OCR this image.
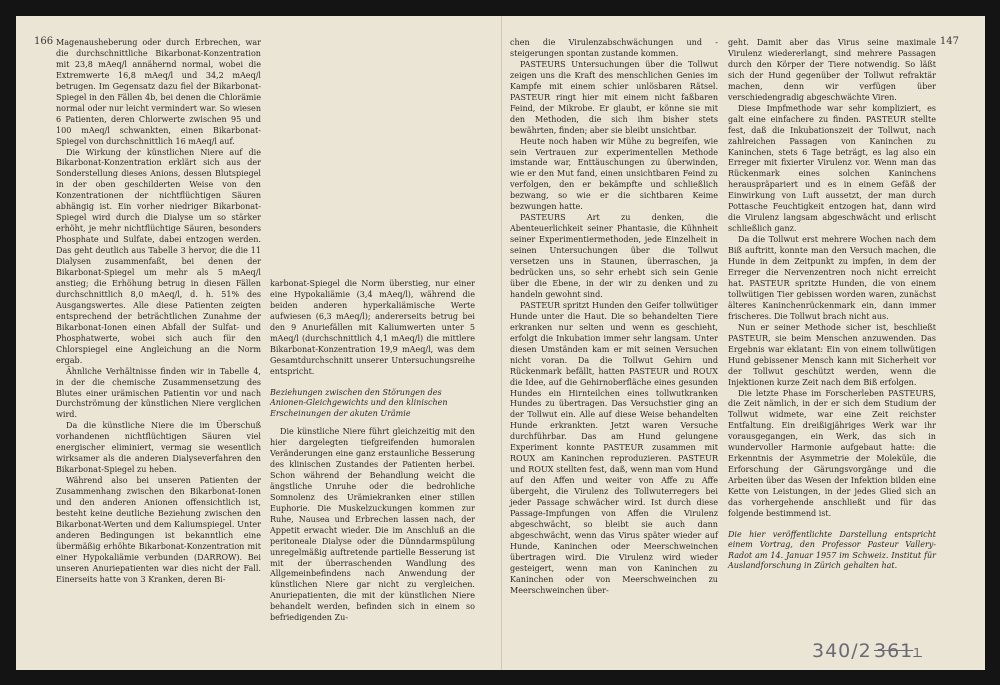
166 Magenausheberung oder durch Erbrechen, war die durchschnittliche Bikarbonat-Konzentration mit 23,8 mAeq/l annähernd normal, wobei die Extremwerte 16,8 mAeq/l und 34,2 mAeq/l betrugen. Im Gegensatz dazu fiel der Bikarbonat-Spiegel in den Fällen 4b, bei denen die Chlorämie normal oder nur leicht vermindert war. So wiesen 6 Patienten, deren Chlorwerte zwischen 95 und 100 mAeq/l schwankten, einen Bikarbonat-Spiegel von durchschnittlich 16 mAeq/l auf.

Die Wirkung der künstlichen Niere auf die Bikarbonat-Konzentration erklärt sich aus der Sonderstellung dieses Anions, dessen Blutspiegel in der oben geschilderten Weise von den Konzentrationen der nichtflüchtigen Säuren abhängig ist. Ein vorher niedriger Bikarbonat-Spiegel wird durch die Dialyse um so stärker erhöht, je mehr nichtflüchtige Säuren, besonders Phosphate und Sulfate, dabei entzogen werden. Das geht deutlich aus Tabelle 3 hervor, die die 11 Dialysen zusammenfaßt, bei denen der Bikarbonat-Spiegel um mehr als 5 mAeq/l anstieg; die Erhöhung betrug in diesen Fällen durchschnittlich 8,0 mAeq/l, d. h. 51% des Ausgangswertes. Alle diese Patienten zeigten entsprechend der beträchtlichen Zunahme der Bikarbonat-Ionen einen Abfall der Sulfat- und Phosphatwerte, wobei sich auch für den Chlorspiegel eine Angleichung an die Norm ergab.

Ähnliche Verhältnisse finden wir in Tabelle 4, in der die chemische Zusammensetzung des Blutes einer urämischen Patientin vor und nach Durchströmung der künstlichen Niere verglichen wird.

Da die künstliche Niere die im Überschuß vorhandenen nichtflüchtigen Säuren viel energischer eliminiert, vermag sie wesentlich wirksamer als die anderen Dialyseverfahren den Bikarbonat-Spiegel zu heben.

Während also bei unseren Patienten der Zusammenhang zwischen den Bikarbonat-Ionen und den anderen Anionen offensichtlich ist, besteht keine deutliche Beziehung zwischen den Bikarbonat-Werten und dem Kaliumspiegel. Unter anderen Bedingungen ist bekanntlich eine übermäßig erhöhte Bikarbonat-Konzentration mit einer Hypokaliämie verbunden (DARROW). Bei unseren Anuriepatienten war dies nicht der Fall. Einerseits hatte von 3 Kranken, deren Bi-

karbonat-Spiegel die Norm überstieg, nur einer eine Hypokaliämie (3,4 mAeq/l), während die beiden anderen hyperkaliämische Werte aufwiesen (6,3 mAeq/l); andererseits betrug bei den 9 Anuriefällen mit Kaliumwerten unter 5 mAeq/l (durchschnittlich 4,1 mAeq/l) die mittlere Bikarbonat-Konzentration 19,9 mAeq/l, was dem Gesamtdurchschnitt unserer Untersuchungsreihe entspricht.

Beziehungen zwischen den Störungen des Anionen-Gleichgewichts und den klinischen Erscheinungen der akuten Urämie

Die künstliche Niere führt gleichzeitig mit den hier dargelegten tiefgreifenden humoralen Veränderungen eine ganz erstaunliche Besserung des klinischen Zustandes der Patienten herbei. Schon während der Behandlung weicht die ängstliche Unruhe oder die bedrohliche Somnolenz des Urämiekranken einer stillen Euphorie. Die Muskelzuckungen kommen zur Ruhe, Nausea und Erbrechen lassen nach, der Appetit erwacht wieder. Die im Anschluß an die peritoneale Dialyse oder die Dünndarmspülung unregelmäßig auftretende partielle Besserung ist mit der überraschenden Wandlung des Allgemeinbefindens nach Anwendung der künstlichen Niere gar nicht zu vergleichen. Anuriepatienten, die mit der künstlichen Niere behandelt werden, befinden sich in einem so befriedigenden Zu-

147

chen die Virulenzabschwächungen und -steigerungen spontan zustande kommen.

PASTEURS Untersuchungen über die Tollwut zeigen uns die Kraft des menschlichen Genies im Kampfe mit einem schier unlösbaren Rätsel. PASTEUR ringt hier mit einem nicht faßbaren Feind, der Mikrobe. Er glaubt, er könne sie mit den Methoden, die sich ihm bisher stets bewährten, finden; aber sie bleibt unsichtbar.

Heute noch haben wir Mühe zu begreifen, wie sein Vertrauen zur experimentellen Methode imstande war, Enttäuschungen zu überwinden, wie er den Mut fand, einen unsichtbaren Feind zu verfolgen, den er bekämpfte und schließlich bezwang, so wie er die sichtbaren Keime bezwungen hatte.

PASTEURS Art zu denken, die Abenteuerlichkeit seiner Phantasie, die Kühnheit seiner Experimentiermethoden, jede Einzelheit in seinen Untersuchungen über die Tollwut versetzen uns in Staunen, überraschen, ja bedrücken uns, so sehr erhebt sich sein Genie über die Ebene, in der wir zu denken und zu handeln gewohnt sind.

PASTEUR spritzt Hunden den Geifer tollwütiger Hunde unter die Haut. Die so behandelten Tiere erkranken nur selten und wenn es geschieht, erfolgt die Inkubation immer sehr langsam. Unter diesen Umständen kam er mit seinen Versuchen nicht voran. Da die Tollwut Gehirn und Rückenmark befällt, hatten PASTEUR und ROUX die Idee, auf die Gehirnoberfläche eines gesunden Hundes ein Hirnteilchen eines tollwutkranken Hundes zu übertragen. Das Versuchstier ging an der Tollwut ein. Alle auf diese Weise behandelten Hunde erkrankten. Jetzt waren Versuche durchführbar. Das am Hund gelungene Experiment konnte PASTEUR zusammen mit ROUX am Kaninchen reproduzieren. PASTEUR und ROUX stellten fest, daß, wenn man vom Hund auf den Affen und weiter von Affe zu Affe übergeht, die Virulenz des Tollwuterregers bei jeder Passage schwächer wird. Ist durch diese Passage-Impfungen von Affen die Virulenz abgeschwächt, so bleibt sie auch dann abgeschwächt, wenn das Virus später wieder auf Hunde, Kaninchen oder Meerschweinchen übertragen wird. Die Virulenz wird wieder gesteigert, wenn man von Kaninchen zu Kaninchen oder von Meerschweinchen zu Meerschweinchen über-

geht. Damit aber das Virus seine maximale Virulenz wiedererlangt, sind mehrere Passagen durch den Körper der Tiere notwendig. So läßt sich der Hund gegenüber der Tollwut refraktär machen, denn wir verfügen über verschiedengradig abgeschwächte Viren.

Diese Impfmethode war sehr kompliziert, es galt eine einfachere zu finden. PASTEUR stellte fest, daß die Inkubationszeit der Tollwut, nach zahlreichen Passagen von Kaninchen zu Kaninchen, stets 6 Tage beträgt, es lag also ein Erreger mit fixierter Virulenz vor. Wenn man das Rückenmark eines solchen Kaninchens herauspräpariert und es in einem Gefäß der Einwirkung von Luft aussetzt, der man durch Pottasche Feuchtigkeit entzogen hat, dann wird die Virulenz langsam abgeschwächt und erlischt schließlich ganz.

Da die Tollwut erst mehrere Wochen nach dem Biß auftritt, konnte man den Versuch machen, die Hunde in dem Zeitpunkt zu impfen, in dem der Erreger die Nervenzentren noch nicht erreicht hat. PASTEUR spritzte Hunden, die von einem tollwütigen Tier gebissen worden waren, zunächst älteres Kaninchenrückenmark ein, dann immer frischeres. Die Tollwut brach nicht aus.

Nun er seiner Methode sicher ist, beschließt PASTEUR, sie beim Menschen anzuwenden. Das Ergebnis war eklatant: Ein von einem tollwütigen Hund gebissener Mensch kann mit Sicherheit vor der Tollwut geschützt werden, wenn die Injektionen kurze Zeit nach dem Biß erfolgen.

Die letzte Phase im Forscherleben PASTEURS, die Zeit nämlich, in der er sich dem Studium der Tollwut widmete, war eine Zeit reichster Entfaltung. Ein dreißigjähriges Werk war ihr vorausgegangen, ein Werk, das sich in wundervoller Harmonie aufgebaut hatte: die Erkenntnis der Asymmetrie der Moleküle, die Erforschung der Gärungsvorgänge und die Arbeiten über das Wesen der Infektion bilden eine Kette von Leistungen, in der jedes Glied sich an das vorhergehende anschließt und für das folgende bestimmend ist.

Die hier veröffentlichte Darstellung entspricht einem Vortrag, den Professor Pasteur Vallery-Radot am 14. Januar 1957 im Schweiz. Institut für Auslandforschung in Zürich gehalten hat.

340/2 3611
